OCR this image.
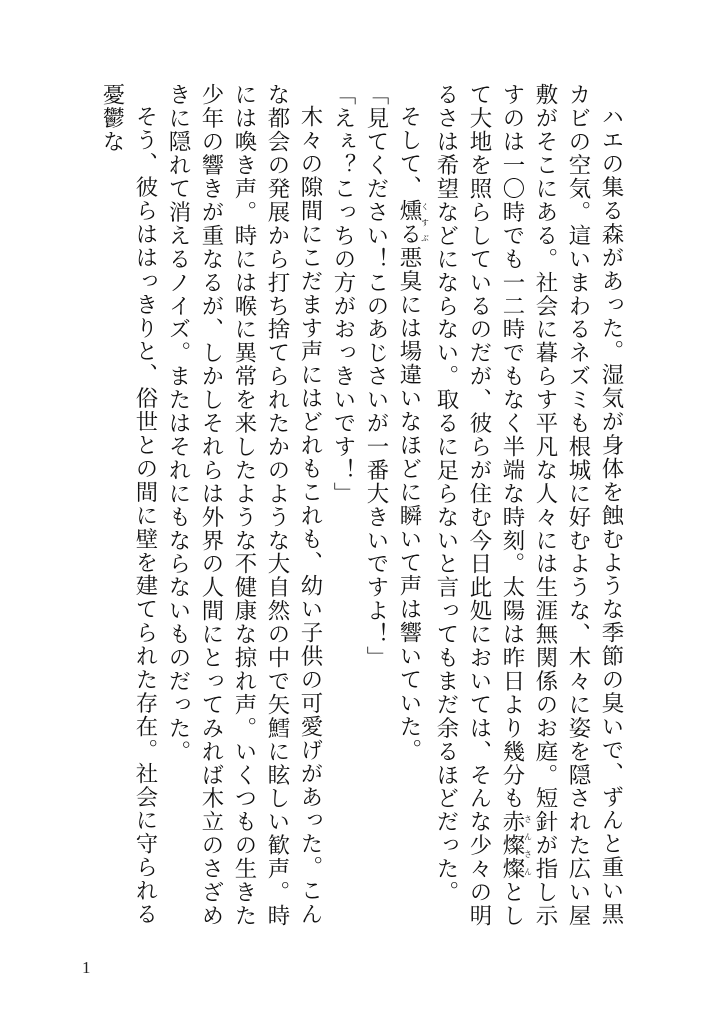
ハエの集る森があった。湿気が身体を蝕むような季節の臭いで、ずんと重い黒カビの空気。這いまわるネズミも根城に好むような、木々に姿を隠された広い屋敷がそこにある。社会に暮らす平凡な人々には生涯無関係のお庭。短針が指し示すのは一〇時でも一二時でもなく半端な時刻。太陽は昨日より幾分も赤燦燦さんさんとして大地を照らしているのだが、彼らが住む今日此処においては、そんな少々の明るさは希望などにならない。取るに足らないと言ってもまだ余るほどだった。

そして、燻るくすぶ悪臭には場違いなほどに瞬いて声は響いていた。

「見てください！このあじさいが一番大きいですよ！」

「えぇ？こっちの方がおっきいです！」

木々の隙間にこだます声にはどれもこれも、幼い子供の可愛げがあった。こんな都会の発展から打ち捨てられたかのような大自然の中で矢鱈に眩しい歓声。時には喚き声。時には喉に異常を来したような不健康な掠れ声。いくつもの生きた少年の響きが重なるが、しかしそれらは外界の人間にとってみれば木立のさざめきに隠れて消えるノイズ。またはそれにもならないものだった。

そう、彼らははっきりと、俗世との間に壁を建てられた存在。社会に守られる憂鬱な

1
